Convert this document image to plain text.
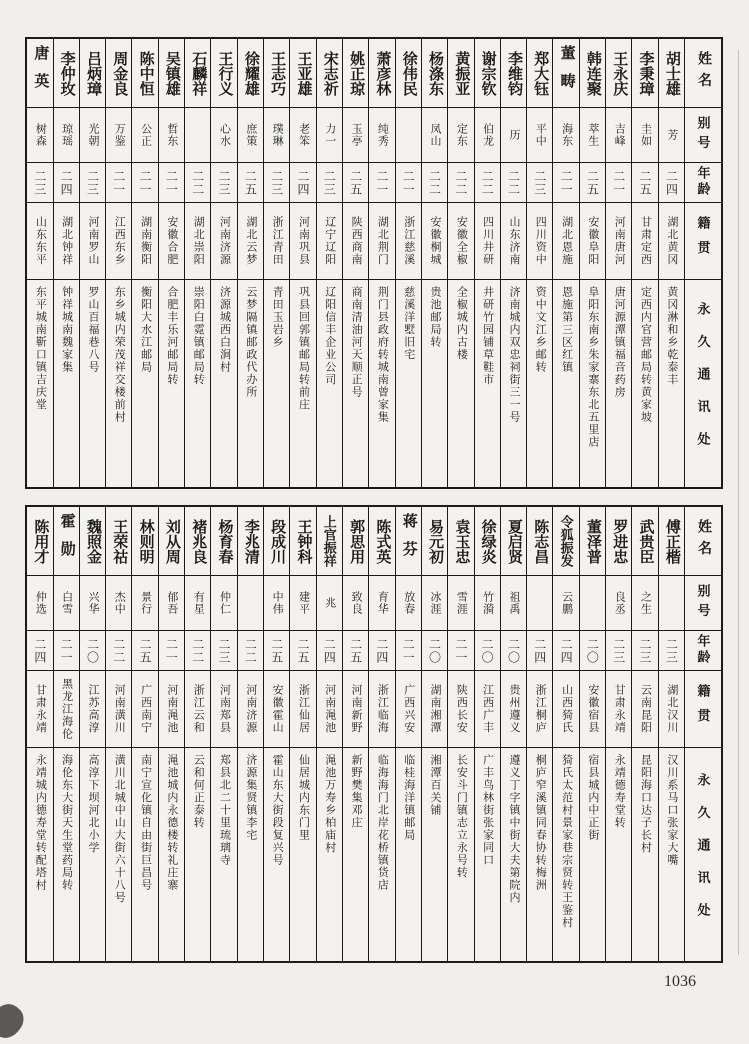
姓名
别号
年龄
籍贯
永久通讯处
胡士雄
芳
二四
湖北黄冈
黄冈淋和乡乾泰丰
李秉璋
圭如
二五
甘肃定西
定西内官营邮局转黄家坡
王永庆
吉峰
二一
河南唐河
唐河源潭镇福音药房
韩连聚
萃生
二五
安徽阜阳
阜阳东南乡朱家寨东北五里店
董畴
海东
二一
湖北恩施
恩施第三区红镇
郑大钰
平中
二三
四川资中
资中文江乡邮转
李维钧
历
二二
山东济南
济南城内双忠祠街三一号
谢宗钦
伯龙
二二
四川井研
井研竹园铺草鞋市
黄振亚
定东
二二
安徽全椒
全椒城内古楼
杨涤东
凤山
二二
安徽桐城
贵池邮局转
徐伟民
二一
浙江慈溪
慈溪洋墅旧宅
萧彦林
纯秀
二一
湖北荆门
荆门县政府转城南曾家集
姚正琼
玉亭
二五
陕西商南
商南清油河天顺正号
宋志祈
力一
二三
辽宁辽阳
辽阳信丰企业公司
王亚雄
老笨
二四
河南巩县
巩县回郭镇邮局转前庄
王志巧
璞琳
二三
浙江青田
青田玉岩乡
徐耀雄
庶策
二五
湖北云梦
云梦隔镇邮政代办所
王行义
心水
二三
河南济源
济源城西白涧村
石麟祥
二二
湖北崇阳
崇阳白霓镇邮局转
吴镇雄
哲东
二一
安徽合肥
合肥丰乐河邮局转
陈中恒
公正
二一
湖南衡阳
衡阳大水江邮局
周金良
万鉴
二一
江西东乡
东乡城内荣茂祥交楼前村
吕炳璋
光朝
二三
河南罗山
罗山百福巷八号
李仲玫
琼瑶
二四
湖北钟祥
钟祥城南魏家集
唐英
树森
二三
山东东平
东平城南靳口镇吉庆堂
姓名
别号
年龄
籍贯
永久通讯处
傅正楷
二三
湖北汉川
汉川系马口张家大嘴
武贵臣
之生
二三
云南昆阳
昆阳海口达子长村
罗进忠
良丞
二三
甘肃永靖
永靖德寿堂转
董泽普
二〇
安徽宿县
宿县城内中正街
令狐振发
云鹏
二四
山西猗氏
猗氏太范村景家巷宗贤转王鉴村
陈志昌
二四
浙江桐庐
桐庐窄溪镇同春协转梅洲
夏启贤
祖禹
二〇
贵州遵义
遵义丁字镇中街大夫第院内
徐绿炎
竹漪
二〇
江西广丰
广丰鸟林街张家同口
袁玉忠
雪涯
二一
陕西长安
长安斗门镇志立永号转
易元初
冰涯
二〇
湖南湘潭
湘潭百关铺
蒋芬
放春
二一
广西兴安
临桂海洋镇邮局
陈式英
育华
二四
浙江临海
临海海门北岸花桥镇货店
郭思用
致良
二五
河南新野
新野樊集邓庄
上官振祥
兆
二四
河南渑池
渑池万寿乡柏庙村
王钟科
建平
二五
浙江仙居
仙居城内东门里
段成川
中伟
二五
安徽霍山
霍山东大街段复兴号
李兆清
二二
河南济源
济源集贤镇李宅
杨育春
仲仁
二三
河南郑县
郑县北二十里琉璃寺
褚兆良
有星
二二
浙江云和
云和何正泰转
刘从周
郁吾
二一
河南渑池
渑池城内永德楼转礼庄寨
林则明
景行
二五
广西南宁
南宁宣化镇自由街巨昌号
王荣祜
杰中
二二
河南潢川
潢川北城中山大街六十八号
魏照金
兴华
二〇
江苏高淳
高淳下坝河北小学
霍勋
白雪
二一
黑龙江海伦
海伦东大街天生堂药局转
陈用才
仲选
二四
甘肃永靖
永靖城内德寿堂转配塔村
1036
